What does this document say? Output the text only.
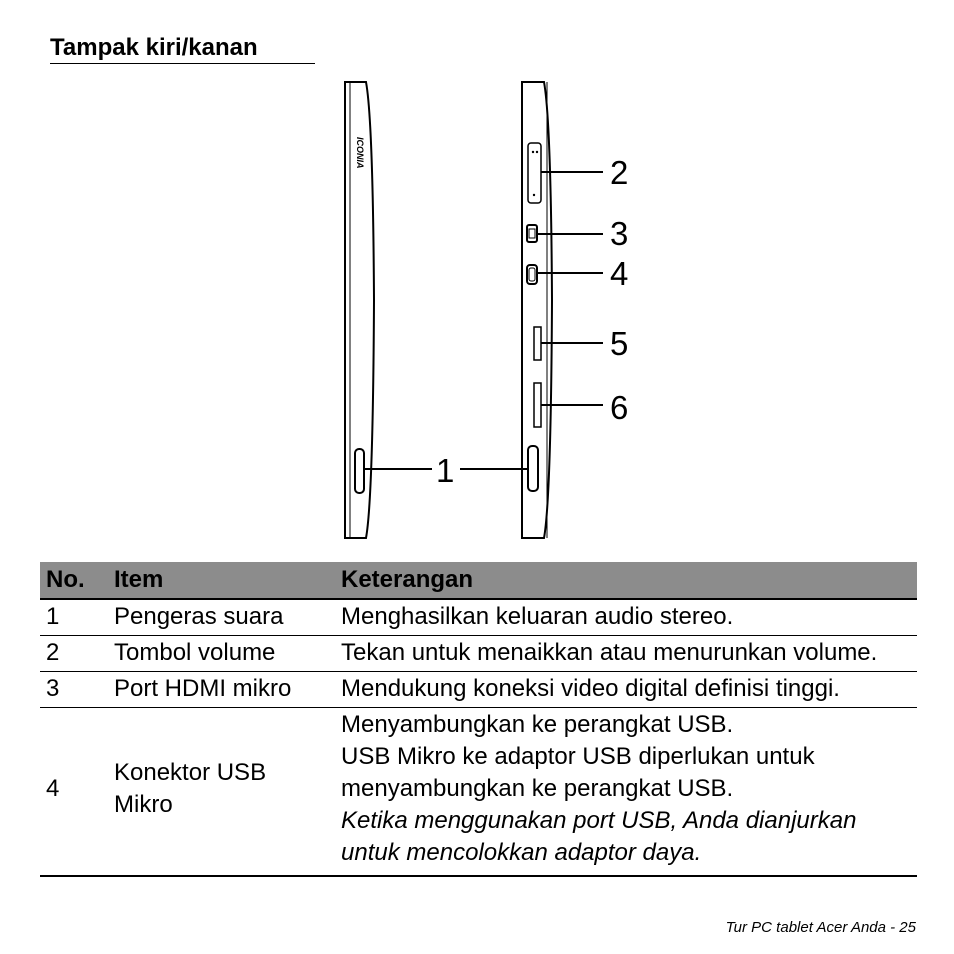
Tampak kiri/kanan
ICONIA
2
3
4
5
6
1
No.	Item	Keterangan
1	Pengeras suara	Menghasilkan keluaran audio stereo.

2	Tombol volume	Tekan untuk menaikkan atau menurunkan volume.

3	Port HDMI mikro	Mendukung koneksi video digital definisi tinggi.

4	Konektor USB Mikro	Menyambungkan ke perangkat USB.
USB Mikro ke adaptor USB diperlukan untuk menyambungkan ke perangkat USB.
Ketika menggunakan port USB, Anda dianjurkan untuk mencolokkan adaptor daya.
Tur PC tablet Acer Anda - 25
